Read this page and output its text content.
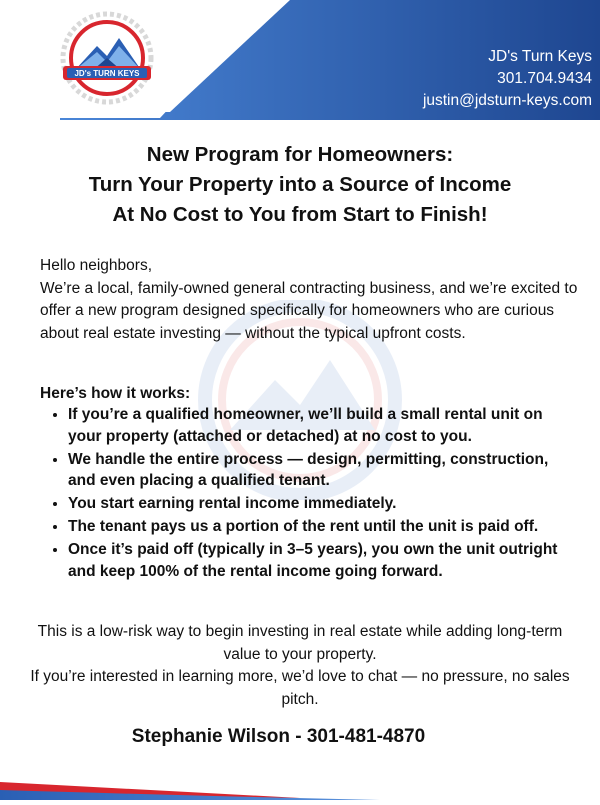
JD's TURN KEYS
JD's Turn Keys
301.704.9434
justin@jdsturn-keys.com
New Program for Homeowners:
Turn Your Property into a Source of Income
At No Cost to You from Start to Finish!
Hello neighbors,
We’re a local, family-owned general contracting business, and we’re excited to offer a new program designed specifically for homeowners who are curious about real estate investing — without the typical upfront costs.
Here’s how it works:
• If you’re a qualified homeowner, we’ll build a small rental unit on your property (attached or detached) at no cost to you.
• We handle the entire process — design, permitting, construction, and even placing a qualified tenant.
• You start earning rental income immediately.
• The tenant pays us a portion of the rent until the unit is paid off.
• Once it’s paid off (typically in 3–5 years), you own the unit outright and keep 100% of the rental income going forward.
This is a low-risk way to begin investing in real estate while adding long-term value to your property.
If you’re interested in learning more, we’d love to chat — no pressure, no sales pitch.
Stephanie Wilson - 301-481-4870
